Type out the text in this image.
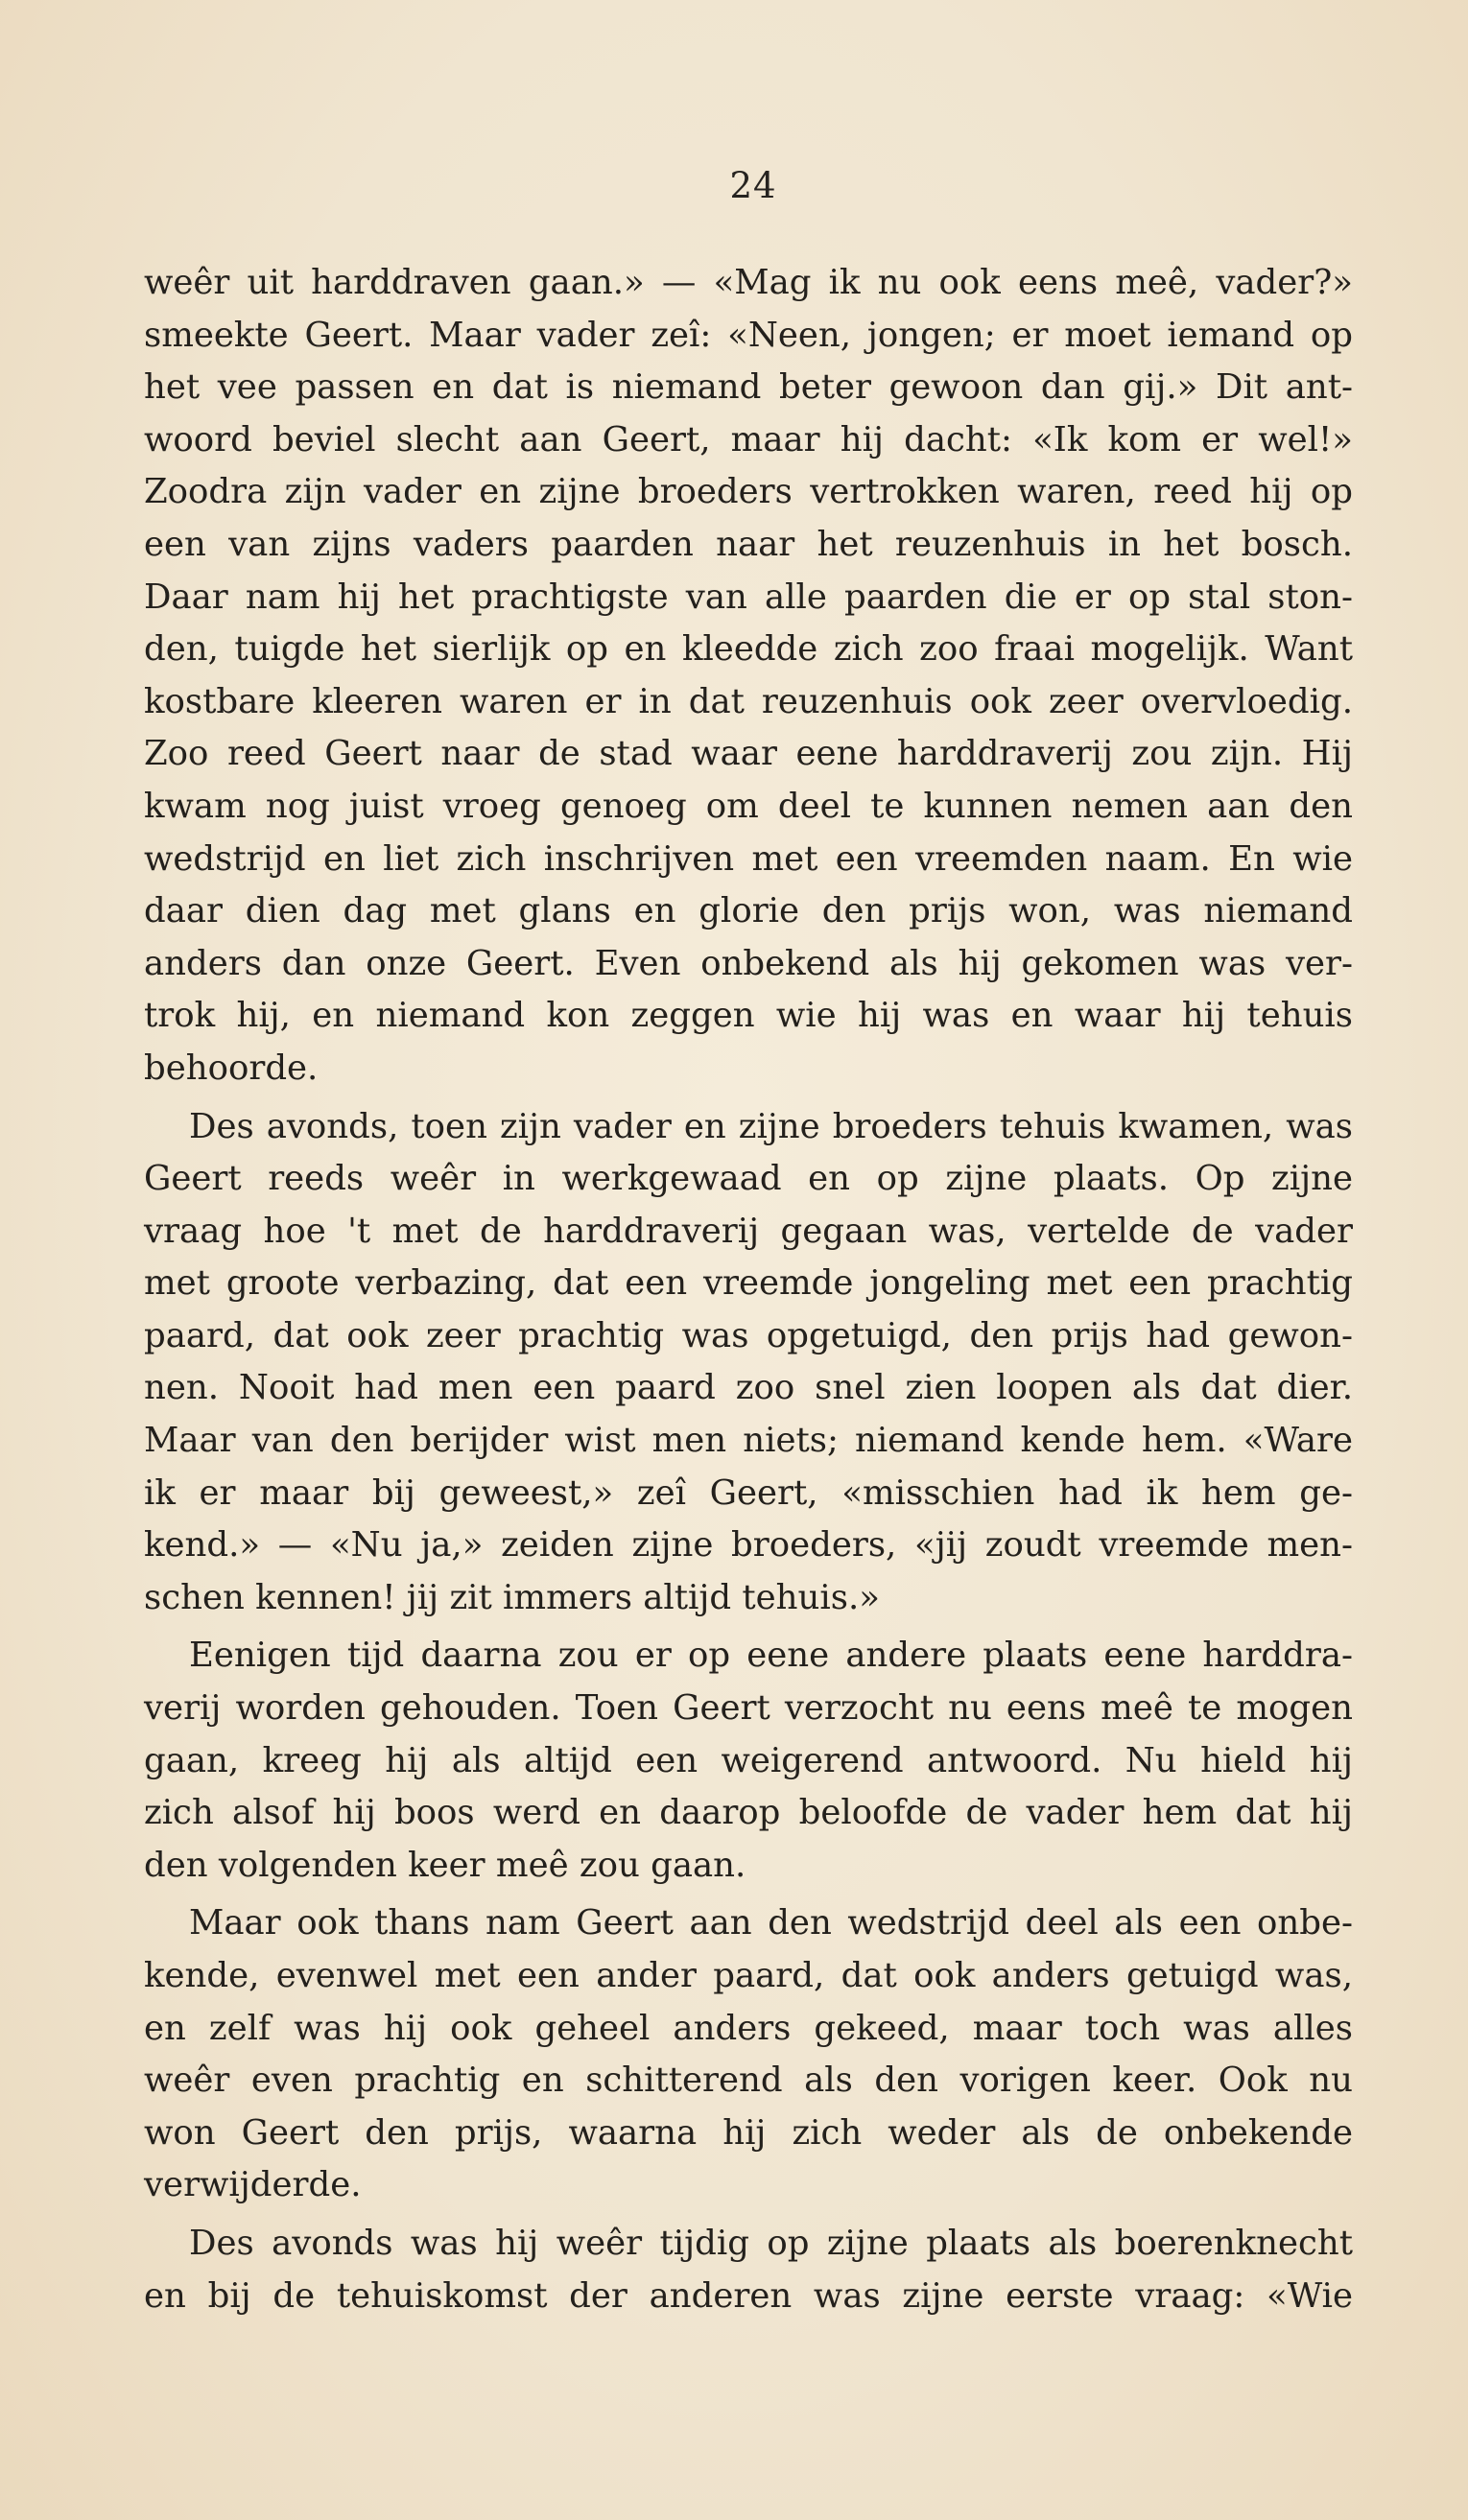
24
weêr uit harddraven gaan.» — «Mag ik nu ook eens meê, vader?»
smeekte Geert. Maar vader zeî: «Neen, jongen; er moet iemand op
het vee passen en dat is niemand beter gewoon dan gij.» Dit ant-
woord beviel slecht aan Geert, maar hij dacht: «Ik kom er wel!»
Zoodra zijn vader en zijne broeders vertrokken waren, reed hij op
een van zijns vaders paarden naar het reuzenhuis in het bosch.
Daar nam hij het prachtigste van alle paarden die er op stal ston-
den, tuigde het sierlijk op en kleedde zich zoo fraai mogelijk. Want
kostbare kleeren waren er in dat reuzenhuis ook zeer overvloedig.
Zoo reed Geert naar de stad waar eene harddraverij zou zijn. Hij
kwam nog juist vroeg genoeg om deel te kunnen nemen aan den
wedstrijd en liet zich inschrijven met een vreemden naam. En wie
daar dien dag met glans en glorie den prijs won, was niemand
anders dan onze Geert. Even onbekend als hij gekomen was ver-
trok hij, en niemand kon zeggen wie hij was en waar hij tehuis
behoorde.
Des avonds, toen zijn vader en zijne broeders tehuis kwamen, was
Geert reeds weêr in werkgewaad en op zijne plaats. Op zijne
vraag hoe 't met de harddraverij gegaan was, vertelde de vader
met groote verbazing, dat een vreemde jongeling met een prachtig
paard, dat ook zeer prachtig was opgetuigd, den prijs had gewon-
nen. Nooit had men een paard zoo snel zien loopen als dat dier.
Maar van den berijder wist men niets; niemand kende hem. «Ware
ik er maar bij geweest,» zeî Geert, «misschien had ik hem ge-
kend.» — «Nu ja,» zeiden zijne broeders, «jij zoudt vreemde men-
schen kennen! jij zit immers altijd tehuis.»
Eenigen tijd daarna zou er op eene andere plaats eene harddra-
verij worden gehouden. Toen Geert verzocht nu eens meê te mogen
gaan, kreeg hij als altijd een weigerend antwoord. Nu hield hij
zich alsof hij boos werd en daarop beloofde de vader hem dat hij
den volgenden keer meê zou gaan.
Maar ook thans nam Geert aan den wedstrijd deel als een onbe-
kende, evenwel met een ander paard, dat ook anders getuigd was,
en zelf was hij ook geheel anders gekeed, maar toch was alles
weêr even prachtig en schitterend als den vorigen keer. Ook nu
won Geert den prijs, waarna hij zich weder als de onbekende
verwijderde.
Des avonds was hij weêr tijdig op zijne plaats als boerenknecht
en bij de tehuiskomst der anderen was zijne eerste vraag: «Wie
